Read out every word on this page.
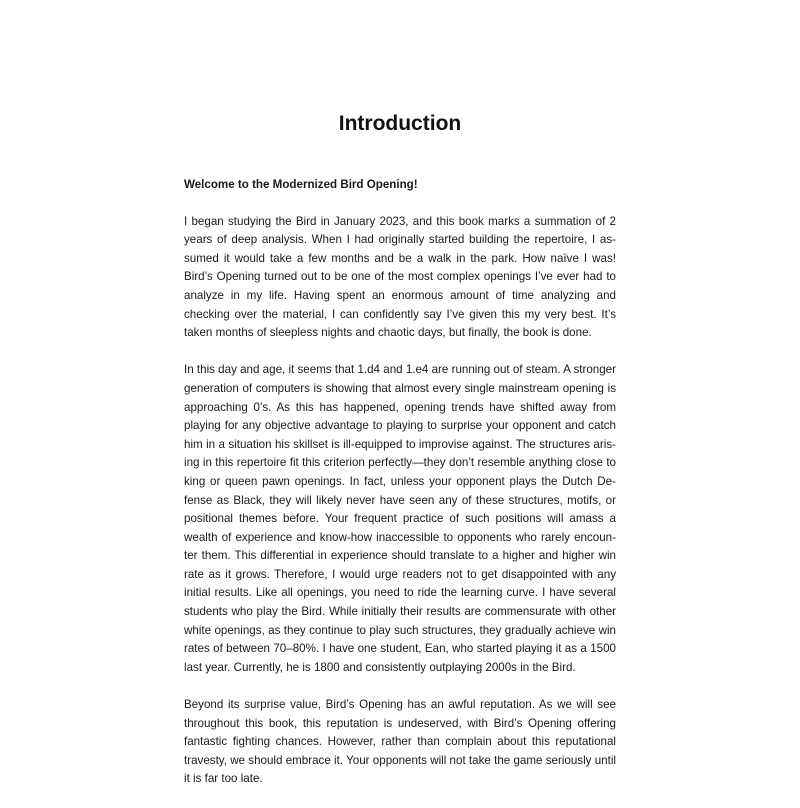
Introduction

Welcome to the Modernized Bird Opening!

I began studying the Bird in January 2023, and this book marks a summation of 2 years of deep analysis. When I had originally started building the repertoire, I assumed it would take a few months and be a walk in the park. How naïve I was! Bird’s Opening turned out to be one of the most complex openings I’ve ever had to analyze in my life. Having spent an enormous amount of time analyzing and checking over the material, I can confidently say I’ve given this my very best. It’s taken months of sleepless nights and chaotic days, but finally, the book is done.

In this day and age, it seems that 1.d4 and 1.e4 are running out of steam. A stronger generation of computers is showing that almost every single mainstream opening is approaching 0’s. As this has happened, opening trends have shifted away from playing for any objective advantage to playing to surprise your opponent and catch him in a situation his skillset is ill-equipped to improvise against. The structures arising in this repertoire fit this criterion perfectly—they don’t resemble anything close to king or queen pawn openings. In fact, unless your opponent plays the Dutch Defense as Black, they will likely never have seen any of these structures, motifs, or positional themes before. Your frequent practice of such positions will amass a wealth of experience and know-how inaccessible to opponents who rarely encounter them. This differential in experience should translate to a higher and higher win rate as it grows. Therefore, I would urge readers not to get disappointed with any initial results. Like all openings, you need to ride the learning curve. I have several students who play the Bird. While initially their results are commensurate with other white openings, as they continue to play such structures, they gradually achieve win rates of between 70–80%. I have one student, Ean, who started playing it as a 1500 last year. Currently, he is 1800 and consistently outplaying 2000s in the Bird.

Beyond its surprise value, Bird’s Opening has an awful reputation. As we will see throughout this book, this reputation is undeserved, with Bird’s Opening offering fantastic fighting chances. However, rather than complain about this reputational travesty, we should embrace it. Your opponents will not take the game seriously until it is far too late.
